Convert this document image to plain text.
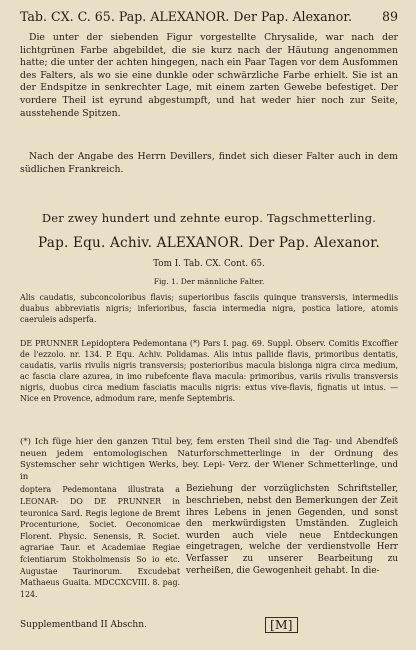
Tab. CX. C. 65. Pap. ALEXANOR. Der Pap. Alexanor. 89
Die unter der siebenden Figur vorgestellte Chrysalide, war nach der lichtgrünen Farbe abgebildet, die sie kurz nach der Häutung angenommen hatte; die unter der achten hingegen, nach ein Paar Tagen vor dem Ausfommen des Falters, als wo sie eine dunkle oder schwärzliche Farbe erhielt. Sie ist an der Endspitze in senkrechter Lage, mit einem zarten Gewebe befestiget. Der vordere Theil ist eyrund abgestumpft, und hat weder hier noch zur Seite, ausstehende Spitzen.
Nach der Angabe des Herrn Devillers, findet sich dieser Falter auch in dem südlichen Frankreich.
Der zwey hundert und zehnte europ. Tagschmetterling.
Pap. Equ. Achiv. ALEXANOR. Der Pap. Alexanor.
Tom I. Tab. CX. Cont. 65.
Fig. 1. Der männliche Falter.

Alis caudatis, subconcoloribus flavis; superioribus fasciis quinque transversis, intermediis duabus abbreviatis nigris; inferioribus, fascia intermedia nigra, postica latiore, atomis caeruleis adsperfa.

DE PRUNNER Lepidoptera Pedemontana (*) Pars I. pag. 69. Suppl. Observ. Comitis Excoffier de l'ezzolo. nr. 134. P. Equ. Achiv. Polidamas. Alis intus pallide flavis, primoribus dentatis, caudatis, variis rivulis nigris transversis; posterioribus macula bislonga nigra circa medium, ac fascia clare azurea, in imo rubefcente flava macula: primoribus, variis rivulis transversis nigris, duobus circa medium fasciatis maculis nigris: extus vive-flavis, fignatis ut intus. — Nice en Provence, admodum rare, menfe Septembris.

(*) Ich füge hier den ganzen Titul bey, fem ersten Theil sind die Tag- und Abendfeß neuen jedem entomologischen Naturforschmetterlinge in der Ordnung des Systemscher sehr wichtigen Werks, bey. Lepi- Verz. der Wiener Schmetterlinge, und in
doptera Pedemontana illustrata a LEONAR- DO DE PRUNNER in teuronica Sard. Regis legione de Bremt Procenturione, Societ. Oeconomicae Florent. Physic. Senensis, R. Societ. agrariae Taur. et Academiae Regiae fcientiarum Stokholmensis So io etc. Augustae Taurinorum. Excudebat Mathaeus Guaita. MDCCXCVIII. 8. pag. 124.
Beziehung der vorzüglichsten Schriftsteller, beschrieben, nebst den Bemerkungen der Zeit ihres Lebens in jenen Gegenden, und sonst den merkwürdigsten Umständen. Zugleich wurden auch viele neue Entdeckungen eingetragen, welche der verdienstvolle Herr Verfasser zu unserer Bearbeitung zu verheißen, die Gewogenheit gehabt. In die-
Supplementband II Abschn.	[M]
